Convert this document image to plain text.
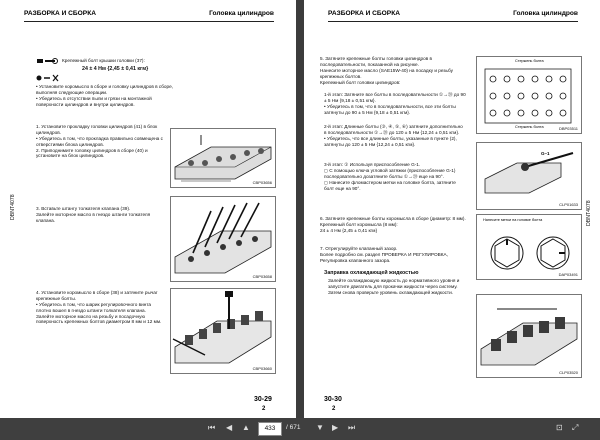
РАЗБОРКА И СБОРКА	Головка цилиндров
DBNT4078
Крепежный болт крышки головки (37):
24 ± 4 Нм {2,45 ± 0,41 кгм}
• Установите коромысло в сборе и головку цилиндров в сборе, выполняя следующие операции.
• Убедитесь в отсутствии пыли и грязи на монтажной поверхности цилиндров и внутри цилиндров.
1. Установите прокладку головки цилиндров (41) в блок цилиндров.
• Убедитесь в том, что прокладка правильно совмещена с отверстиями блока цилиндров.
2. Приподнимите головку цилиндров в сборе (40) и установите на блок цилиндров.
CBP03656
3. Вставьте штангу толкателя клапана (39).
Залейте моторное масло в гнездо штанги толкателя клапана.
CBP03658
4. Установите коромысло в сборе (38) и затяните рычаг крепежные болты.
• Убедитесь в том, что шарик регулировочного винта плотно вошел в гнездо штанги толкателя клапана.
Залейте моторное масло на резьбу и посадочную поверхность крепежных болтов диаметром 8 мм и 12 мм.
CBP03660
30-29
2
РАЗБОРКА И СБОРКА	Головка цилиндров
DBNT4078
5. Затяните крепежные болты головки цилиндров в последовательности, показанной на рисунке.
Нанесите моторное масло (SAE15W-40) на посадку и резьбу крепежных болтов.
Крепежный болт головки цилиндров:
1-й этап: Затяните все болты в последовательности ①→⑳ до 90 ± 5 Нм {9,18 ± 0,51 кгм}.
• Убедитесь в том, что в последовательности, все эти болты затянуты до 90 ± 5 Нм {9,18 ± 0,51 кгм}.
2-й этап: Длинные болты (③, ④, ⑤, ⑥) затяните дополнительно в последовательности ①→⑳ до 120 ± 5 Нм {12,24 ± 0,51 кгм}.
• Убедитесь, что все длинные болты, указанные в пункте (2), затянуты до 120 ± 5 Нм {12,24 ± 0,51 кгм}.
3-й этап: ① Используя приспособление G-1.
◻ С помощью ключа угловой затяжки (приспособление G-1) последовательно дозатяните болты ①→⑳ еще на 90°.
◻ Нанесите фломастером метки на головке болта, затяните болт еще на 90°.
Стержень болта
Стержень болта	DBP03511
G–1
CLP01633
6. Затяните крепежные болты коромысла в сборе (диаметр: 8 мм).
Крепежный болт коромысла (8 мм):
24 ± 4 Нм {2,45 ± 0,41 кгм}
7. Отрегулируйте клапанный зазор.
Более подробно см. раздел ПРОВЕРКА И РЕГУЛИРОВКА, Регулировка клапанного зазора.
Заправка охлаждающей жидкостью
Залейте охлаждающую жидкость до нормативного уровня и запустите двигатель для прокачки жидкости через систему. Затем снова проверьте уровень охлаждающей жидкости.
Нанесите метки на головке болта
DAP03491
CLP03520
30-30
2
⏮ ◀ ▲	433	/ 671 ▼ ▶ ⏭	⊡ ⤢
